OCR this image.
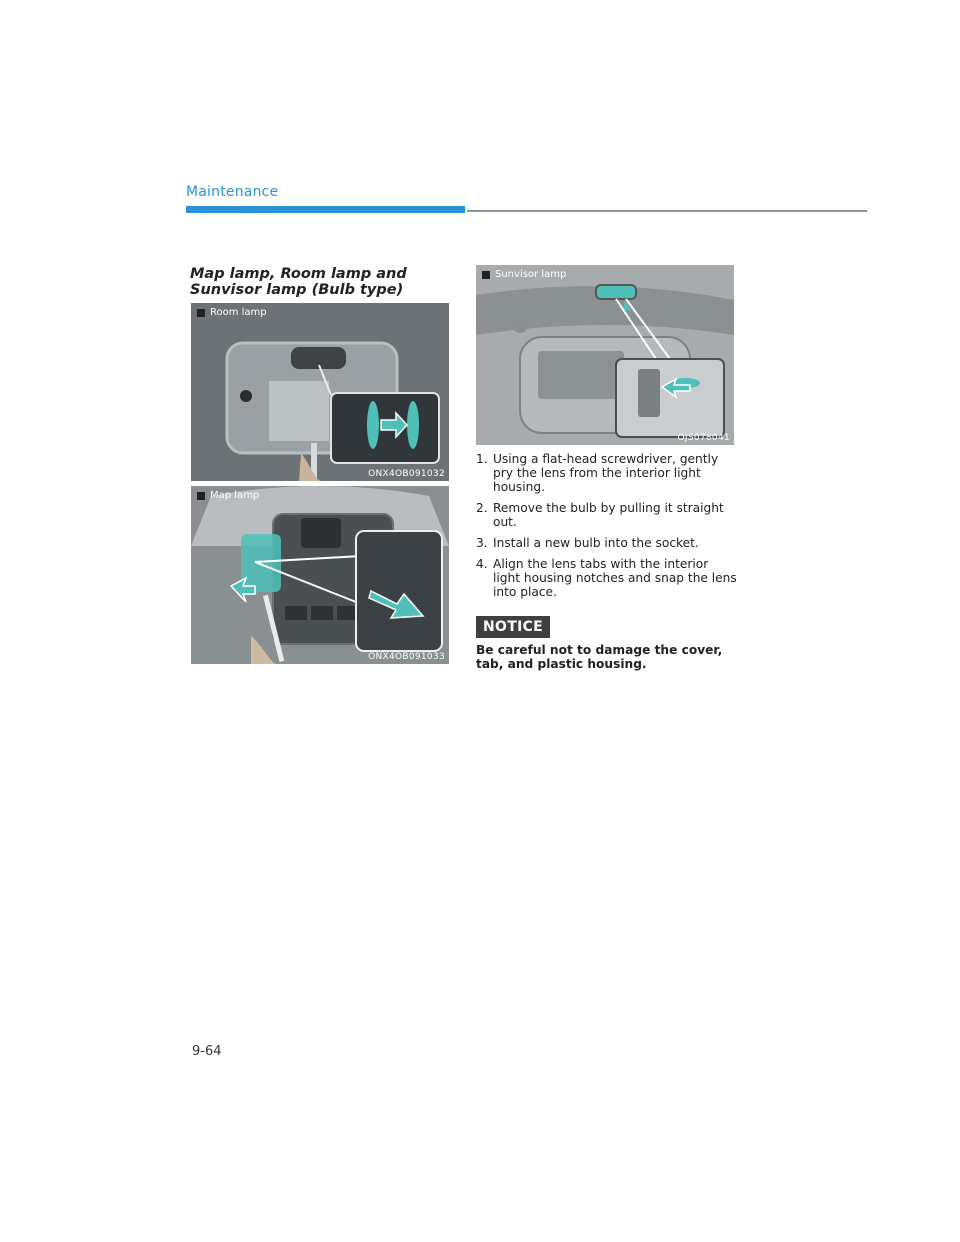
Maintenance
Map lamp, Room lamp and Sunvisor lamp (Bulb type)
Room lamp
ONX4OB091032
Map lamp
ONX4OB091033
Sunvisor lamp
OJS078041
1. Using a flat-head screwdriver, gently pry the lens from the interior light housing.
2. Remove the bulb by pulling it straight out.
3. Install a new bulb into the socket.
4. Align the lens tabs with the interior light housing notches and snap the lens into place.
NOTICE
Be careful not to damage the cover, tab, and plastic housing.
9-64
